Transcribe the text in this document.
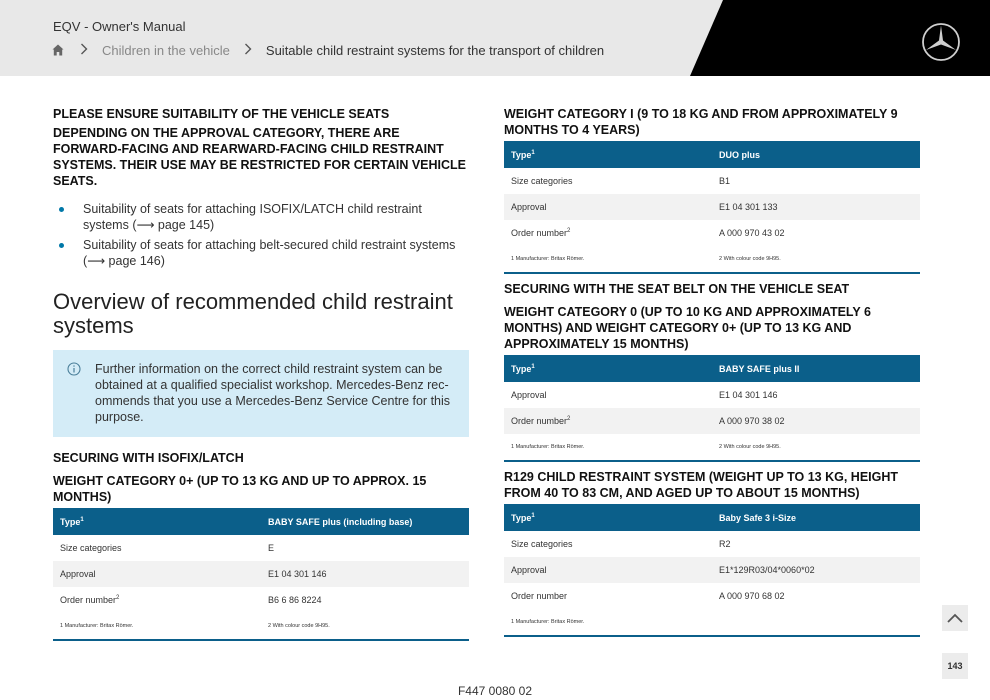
EQV - Owner's Manual
Children in the vehicle	Suitable child restraint systems for the transport of children
PLEASE ENSURE SUITABILITY OF THE VEHICLE SEATS
DEPENDING ON THE APPROVAL CATEGORY, THERE ARE FORWARD-FACING AND REARWARD-FACING CHILD RESTRAINT SYSTEMS. THEIR USE MAY BE RESTRICTED FOR CERTAIN VEHICLE SEATS.
Suitability of seats for attaching ISOFIX/LATCH child restraint systems (⟶ page 145)
Suitability of seats for attaching belt-secured child restraint systems (⟶ page 146)
Overview of recommended child restraint systems
Further information on the correct child restraint system can be obtained at a qualified specialist workshop. Mercedes-Benz rec-ommends that you use a Mercedes-Benz Service Centre for this purpose.
SECURING WITH ISOFIX/LATCH
WEIGHT CATEGORY 0+ (UP TO 13 KG AND UP TO APPROX. 15 MONTHS)
Type$^1$	BABY SAFE plus (including base)
Size categories	E
Approval	E1 04 301 146
Order number$^2$	B6 6 86 8224
1 Manufacturer: Britax Römer.	2 With colour code 9H95.
WEIGHT CATEGORY I (9 TO 18 KG AND FROM APPROXIMATELY 9 MONTHS TO 4 YEARS)
Type$^1$	DUO plus
Size categories	B1
Approval	E1 04 301 133
Order number$^2$	A 000 970 43 02
1 Manufacturer: Britax Römer.	2 With colour code 9H95.
SECURING WITH THE SEAT BELT ON THE VEHICLE SEAT
WEIGHT CATEGORY 0 (UP TO 10 KG AND APPROXIMATELY 6 MONTHS) AND WEIGHT CATEGORY 0+ (UP TO 13 KG AND APPROXIMATELY 15 MONTHS)
Type$^1$	BABY SAFE plus II
Approval	E1 04 301 146
Order number$^2$	A 000 970 38 02
1 Manufacturer: Britax Römer.	2 With colour code 9H95.
R129 CHILD RESTRAINT SYSTEM (WEIGHT UP TO 13 KG, HEIGHT FROM 40 TO 83 CM, AND AGED UP TO ABOUT 15 MONTHS)
Type$^1$	Baby Safe 3 i-Size
Size categories	R2
Approval	E1*129R03/04*0060*02
Order number	A 000 970 68 02
1 Manufacturer: Britax Römer.
143
F447 0080 02
